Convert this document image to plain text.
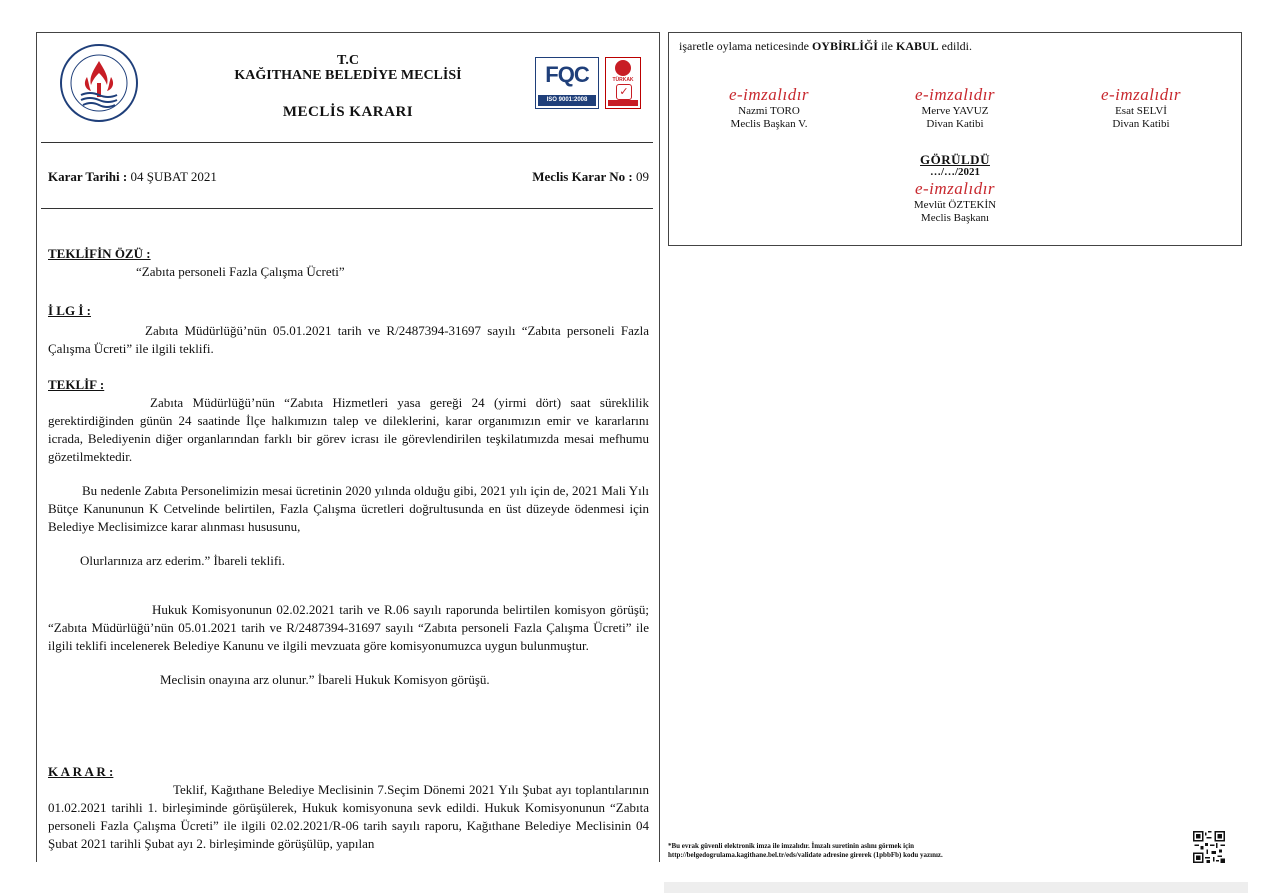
T.C
KAĞITHANE BELEDİYE MECLİSİ
MECLİS KARARI
FQC
ISO 9001:2008
TÜRKAK
✓
Karar Tarihi : 04 ŞUBAT 2021	Meclis Karar No : 09
TEKLİFİN ÖZÜ :
“Zabıta personeli Fazla Çalışma Ücreti”
İ LG İ :
Zabıta Müdürlüğü’nün 05.01.2021 tarih ve R/2487394-31697 sayılı “Zabıta personeli Fazla Çalışma Ücreti” ile ilgili teklifi.
TEKLİF :
Zabıta Müdürlüğü’nün “Zabıta Hizmetleri yasa gereği 24 (yirmi dört) saat süreklilik gerektirdiğinden günün 24 saatinde İlçe halkımızın talep ve dileklerini, karar organımızın emir ve kararlarını icrada, Belediyenin diğer organlarından farklı bir görev icrası ile görevlendirilen teşkilatımızda mesai mefhumu gözetilmektedir.
Bu nedenle Zabıta Personelimizin mesai ücretinin 2020 yılında olduğu gibi, 2021 yılı için de, 2021 Mali Yılı Bütçe Kanununun K Cetvelinde belirtilen, Fazla Çalışma ücretleri doğrultusunda en üst düzeyde ödenmesi için Belediye Meclisimizce karar alınması hususunu,
Olurlarınıza arz ederim.” İbareli teklifi.
Hukuk Komisyonunun 02.02.2021 tarih ve R.06 sayılı raporunda belirtilen komisyon görüşü; “Zabıta Müdürlüğü’nün 05.01.2021 tarih ve R/2487394-31697 sayılı “Zabıta personeli Fazla Çalışma Ücreti” ile ilgili teklifi incelenerek Belediye Kanunu ve ilgili mevzuata göre komisyonumuzca uygun bulunmuştur.
Meclisin onayına arz olunur.” İbareli Hukuk Komisyon görüşü.
K A R A R :
Teklif, Kağıthane Belediye Meclisinin 7.Seçim Dönemi 2021 Yılı Şubat ayı toplantılarının 01.02.2021 tarihli 1. birleşiminde görüşülerek, Hukuk komisyonuna sevk edildi. Hukuk Komisyonunun “Zabıta personeli Fazla Çalışma Ücreti” ile ilgili 02.02.2021/R-06 tarih sayılı raporu, Kağıthane Belediye Meclisinin 04 Şubat 2021 tarihli Şubat ayı 2. birleşiminde görüşülüp, yapılan
işaretle oylama neticesinde OYBİRLİĞİ ile KABUL edildi.
e-imzalıdır
Nazmi TORO
Meclis Başkan V.
e-imzalıdır
Merve YAVUZ
Divan Katibi
e-imzalıdır
Esat SELVİ
Divan Katibi
GÖRÜLDÜ
…/…/2021
e-imzalıdır
Mevlüt ÖZTEKİN
Meclis Başkanı
*Bu evrak güvenli elektronik imza ile imzalıdır. İmzalı suretinin aslını görmek için
http://belgedogrulama.kagithane.bel.tr/eds/validate adresine girerek (1pbbFb) kodu yazınız.
